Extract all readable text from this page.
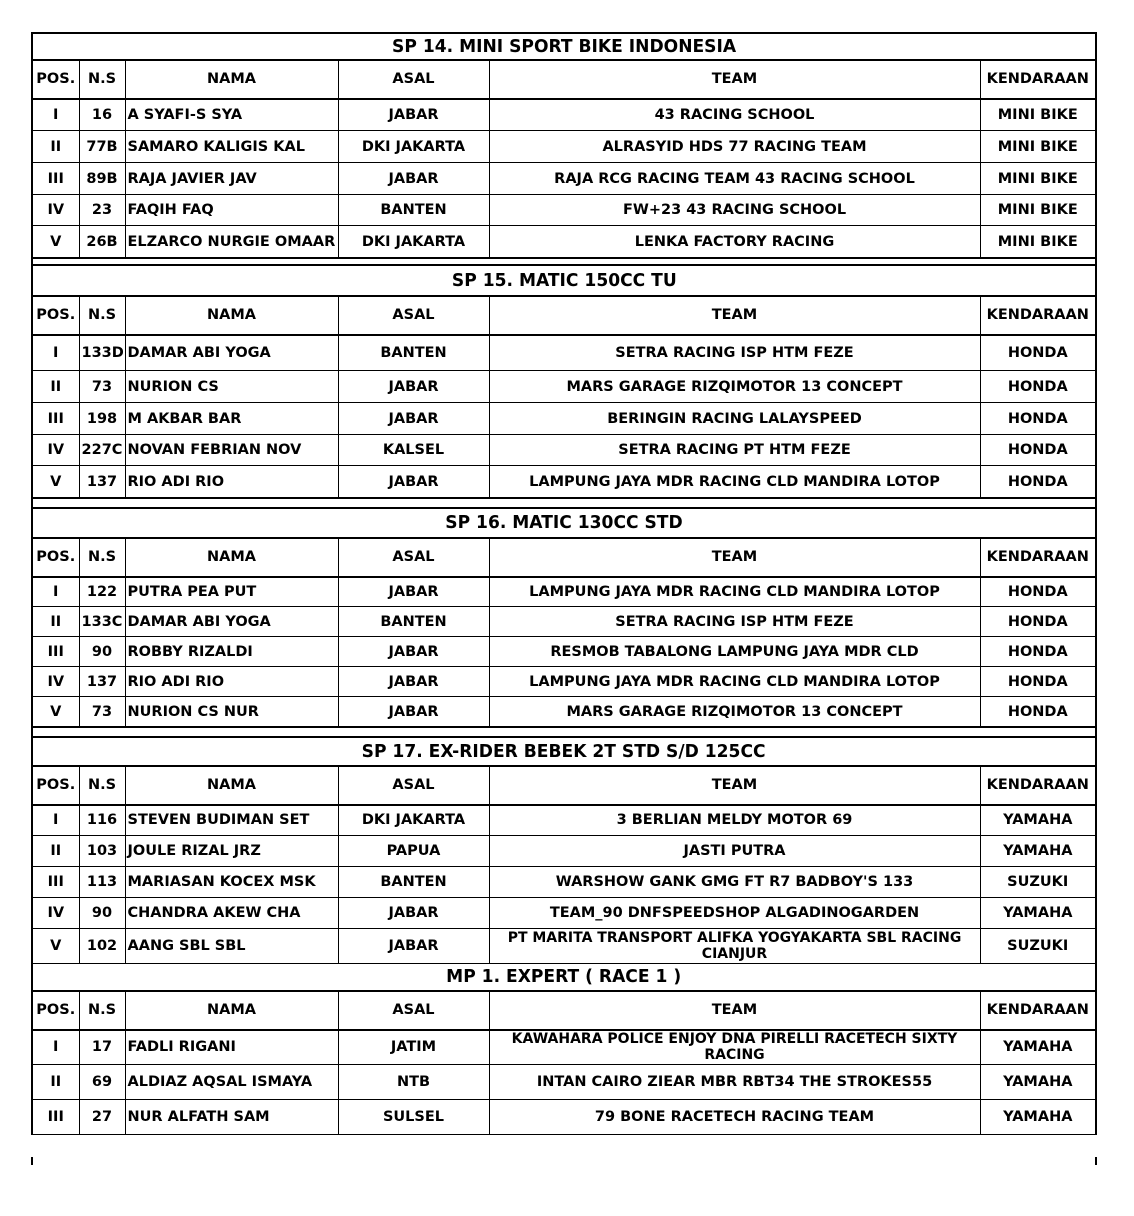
SP 14. MINI SPORT BIKE INDONESIA
POS.	N.S	NAMA	ASAL	TEAM	KENDARAAN
I	16	A SYAFI-S SYA	JABAR	43 RACING SCHOOL	MINI BIKE
II	77B	SAMARO KALIGIS KAL	DKI JAKARTA	ALRASYID HDS 77 RACING TEAM	MINI BIKE
III	89B	RAJA JAVIER JAV	JABAR	RAJA RCG RACING TEAM 43 RACING SCHOOL	MINI BIKE
IV	23	FAQIH FAQ	BANTEN	FW+23 43 RACING SCHOOL	MINI BIKE
V	26B	ELZARCO NURGIE OMAAR	DKI JAKARTA	LENKA FACTORY RACING	MINI BIKE
SP 15. MATIC 150CC TU
POS.	N.S	NAMA	ASAL	TEAM	KENDARAAN
I	133D	DAMAR ABI YOGA	BANTEN	SETRA RACING ISP HTM FEZE	HONDA
II	73	NURION CS	JABAR	MARS GARAGE RIZQIMOTOR 13 CONCEPT	HONDA
III	198	M AKBAR BAR	JABAR	BERINGIN RACING LALAYSPEED	HONDA
IV	227C	NOVAN FEBRIAN NOV	KALSEL	SETRA RACING PT HTM FEZE	HONDA
V	137	RIO ADI RIO	JABAR	LAMPUNG JAYA MDR RACING CLD MANDIRA LOTOP	HONDA
SP 16. MATIC 130CC STD
POS.	N.S	NAMA	ASAL	TEAM	KENDARAAN
I	122	PUTRA PEA PUT	JABAR	LAMPUNG JAYA MDR RACING CLD MANDIRA LOTOP	HONDA
II	133C	DAMAR ABI YOGA	BANTEN	SETRA RACING ISP HTM FEZE	HONDA
III	90	ROBBY RIZALDI	JABAR	RESMOB TABALONG LAMPUNG JAYA MDR CLD	HONDA
IV	137	RIO ADI RIO	JABAR	LAMPUNG JAYA MDR RACING CLD MANDIRA LOTOP	HONDA
V	73	NURION CS NUR	JABAR	MARS GARAGE RIZQIMOTOR 13 CONCEPT	HONDA
SP 17. EX-RIDER BEBEK 2T STD S/D 125CC
POS.	N.S	NAMA	ASAL	TEAM	KENDARAAN
I	116	STEVEN BUDIMAN SET	DKI JAKARTA	3 BERLIAN MELDY MOTOR 69	YAMAHA
II	103	JOULE RIZAL JRZ	PAPUA	JASTI PUTRA	YAMAHA
III	113	MARIASAN KOCEX MSK	BANTEN	WARSHOW GANK GMG FT R7 BADBOY'S 133	SUZUKI
IV	90	CHANDRA AKEW CHA	JABAR	TEAM_90 DNFSPEEDSHOP ALGADINOGARDEN	YAMAHA
V	102	AANG SBL SBL	JABAR	PT MARITA TRANSPORT ALIFKA YOGYAKARTA SBL RACING CIANJUR	SUZUKI
MP 1. EXPERT ( RACE 1 )
POS.	N.S	NAMA	ASAL	TEAM	KENDARAAN
I	17	FADLI RIGANI	JATIM	KAWAHARA POLICE ENJOY DNA PIRELLI RACETECH SIXTY RACING	YAMAHA
II	69	ALDIAZ AQSAL ISMAYA	NTB	INTAN CAIRO ZIEAR MBR RBT34 THE STROKES55	YAMAHA
III	27	NUR ALFATH SAM	SULSEL	79 BONE RACETECH RACING TEAM	YAMAHA
